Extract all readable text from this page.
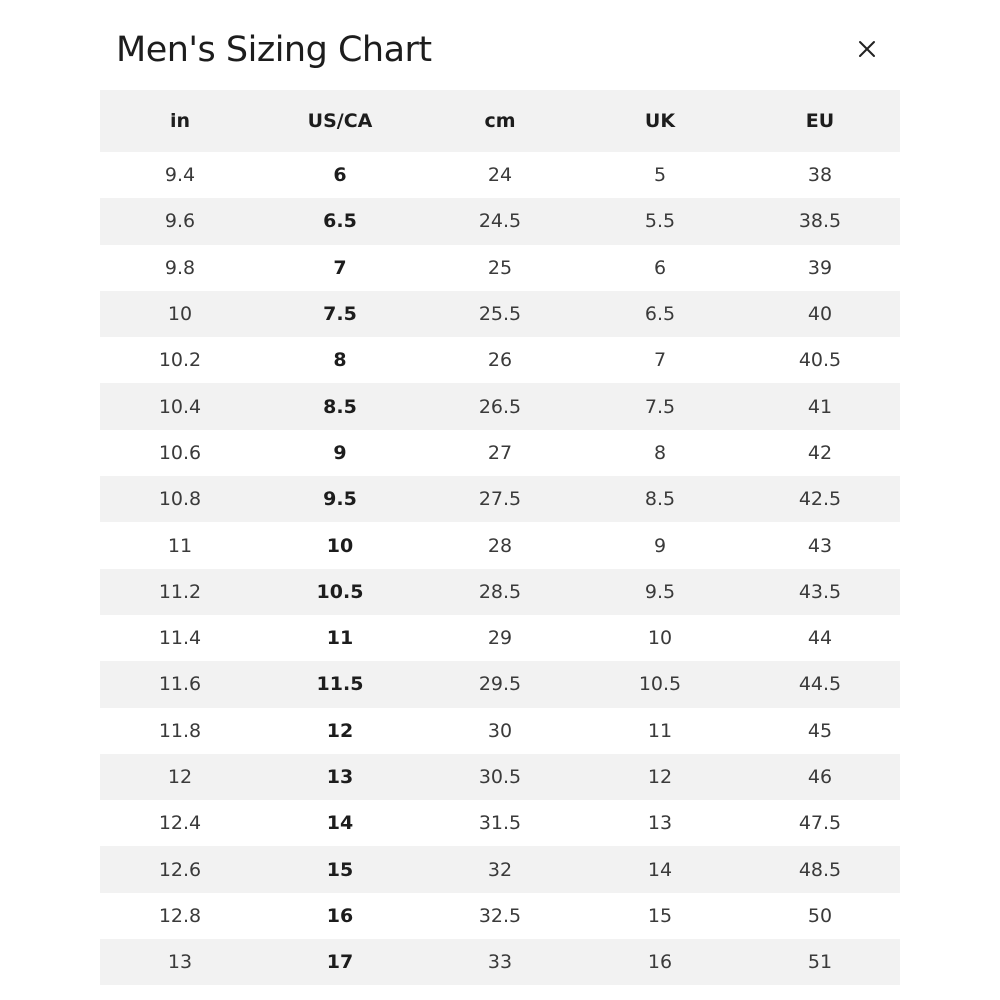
Men's Sizing Chart
in	US/CA	cm	UK	EU
9.4	6	24	5	38
9.6	6.5	24.5	5.5	38.5
9.8	7	25	6	39
10	7.5	25.5	6.5	40
10.2	8	26	7	40.5
10.4	8.5	26.5	7.5	41
10.6	9	27	8	42
10.8	9.5	27.5	8.5	42.5
11	10	28	9	43
11.2	10.5	28.5	9.5	43.5
11.4	11	29	10	44
11.6	11.5	29.5	10.5	44.5
11.8	12	30	11	45
12	13	30.5	12	46
12.4	14	31.5	13	47.5
12.6	15	32	14	48.5
12.8	16	32.5	15	50
13	17	33	16	51
